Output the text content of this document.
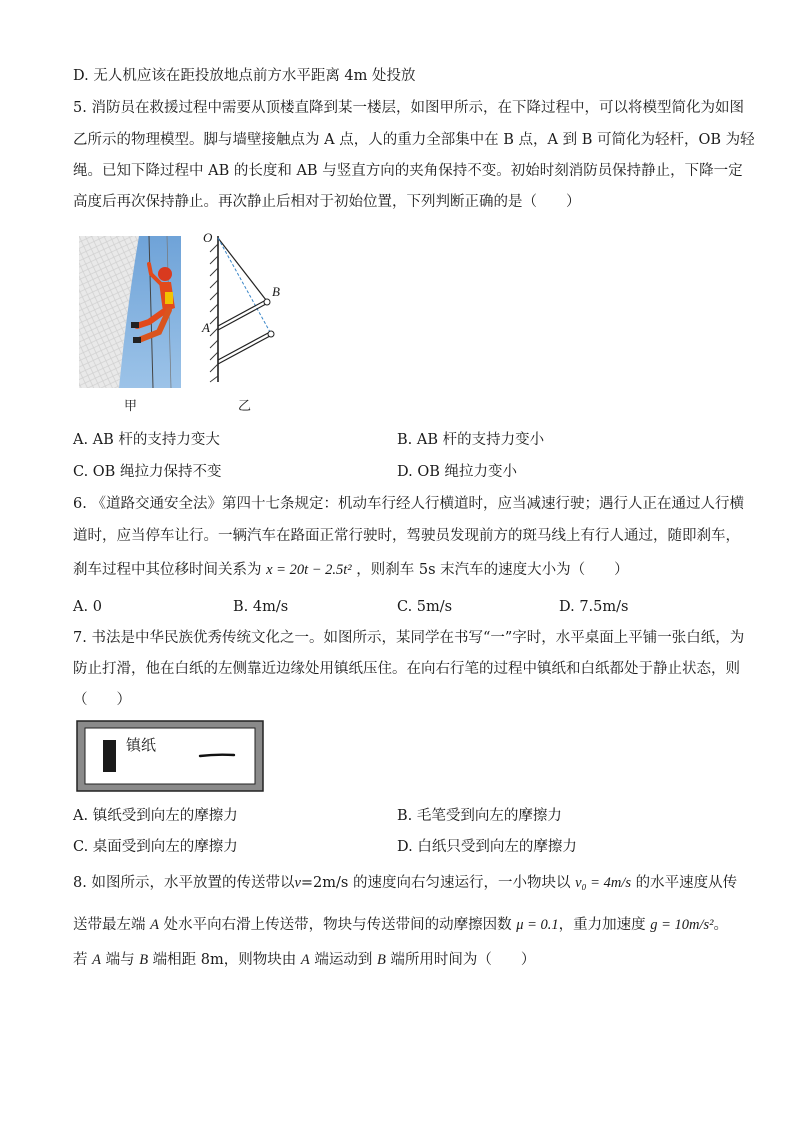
D. 无人机应该在距投放地点前方水平距离 4m 处投放
5. 消防员在救援过程中需要从顶楼直降到某一楼层，如图甲所示，在下降过程中，可以将模型简化为如图
乙所示的物理模型。脚与墙壁接触点为 A 点，人的重力全部集中在 B 点，A 到 B 可简化为轻杆，OB 为轻
绳。已知下降过程中 AB 的长度和 AB 与竖直方向的夹角保持不变。初始时刻消防员保持静止，下降一定
高度后再次保持静止。再次静止后相对于初始位置，下列判断正确的是（　　）
甲
O
A
B
乙
A. AB 杆的支持力变大	B. AB 杆的支持力变小
C. OB 绳拉力保持不变	D. OB 绳拉力变小
6. 《道路交通安全法》第四十七条规定：机动车行经人行横道时，应当减速行驶；遇行人正在通过人行横
道时，应当停车让行。一辆汽车在路面正常行驶时，驾驶员发现前方的斑马线上有行人通过，随即刹车，
刹车过程中其位移时间关系为 x = 20t − 2.5t² ，则刹车 5s 末汽车的速度大小为（　　）
A. 0	B. 4m/s	C. 5m/s	D. 7.5m/s
7. 书法是中华民族优秀传统文化之一。如图所示，某同学在书写“一”字时，水平桌面上平铺一张白纸，为
防止打滑，他在白纸的左侧靠近边缘处用镇纸压住。在向右行笔的过程中镇纸和白纸都处于静止状态，则
（　　）
镇纸
A. 镇纸受到向左的摩擦力	B. 毛笔受到向左的摩擦力
C. 桌面受到向左的摩擦力	D. 白纸只受到向左的摩擦力
8. 如图所示，水平放置的传送带以v=2m/s 的速度向右匀速运行，一小物块以 v₀ = 4m/s 的水平速度从传
送带最左端 A 处水平向右滑上传送带，物块与传送带间的动摩擦因数 μ = 0.1，重力加速度 g = 10m/s²。
若 A 端与 B 端相距 8m，则物块由 A 端运动到 B 端所用时间为（　　）
